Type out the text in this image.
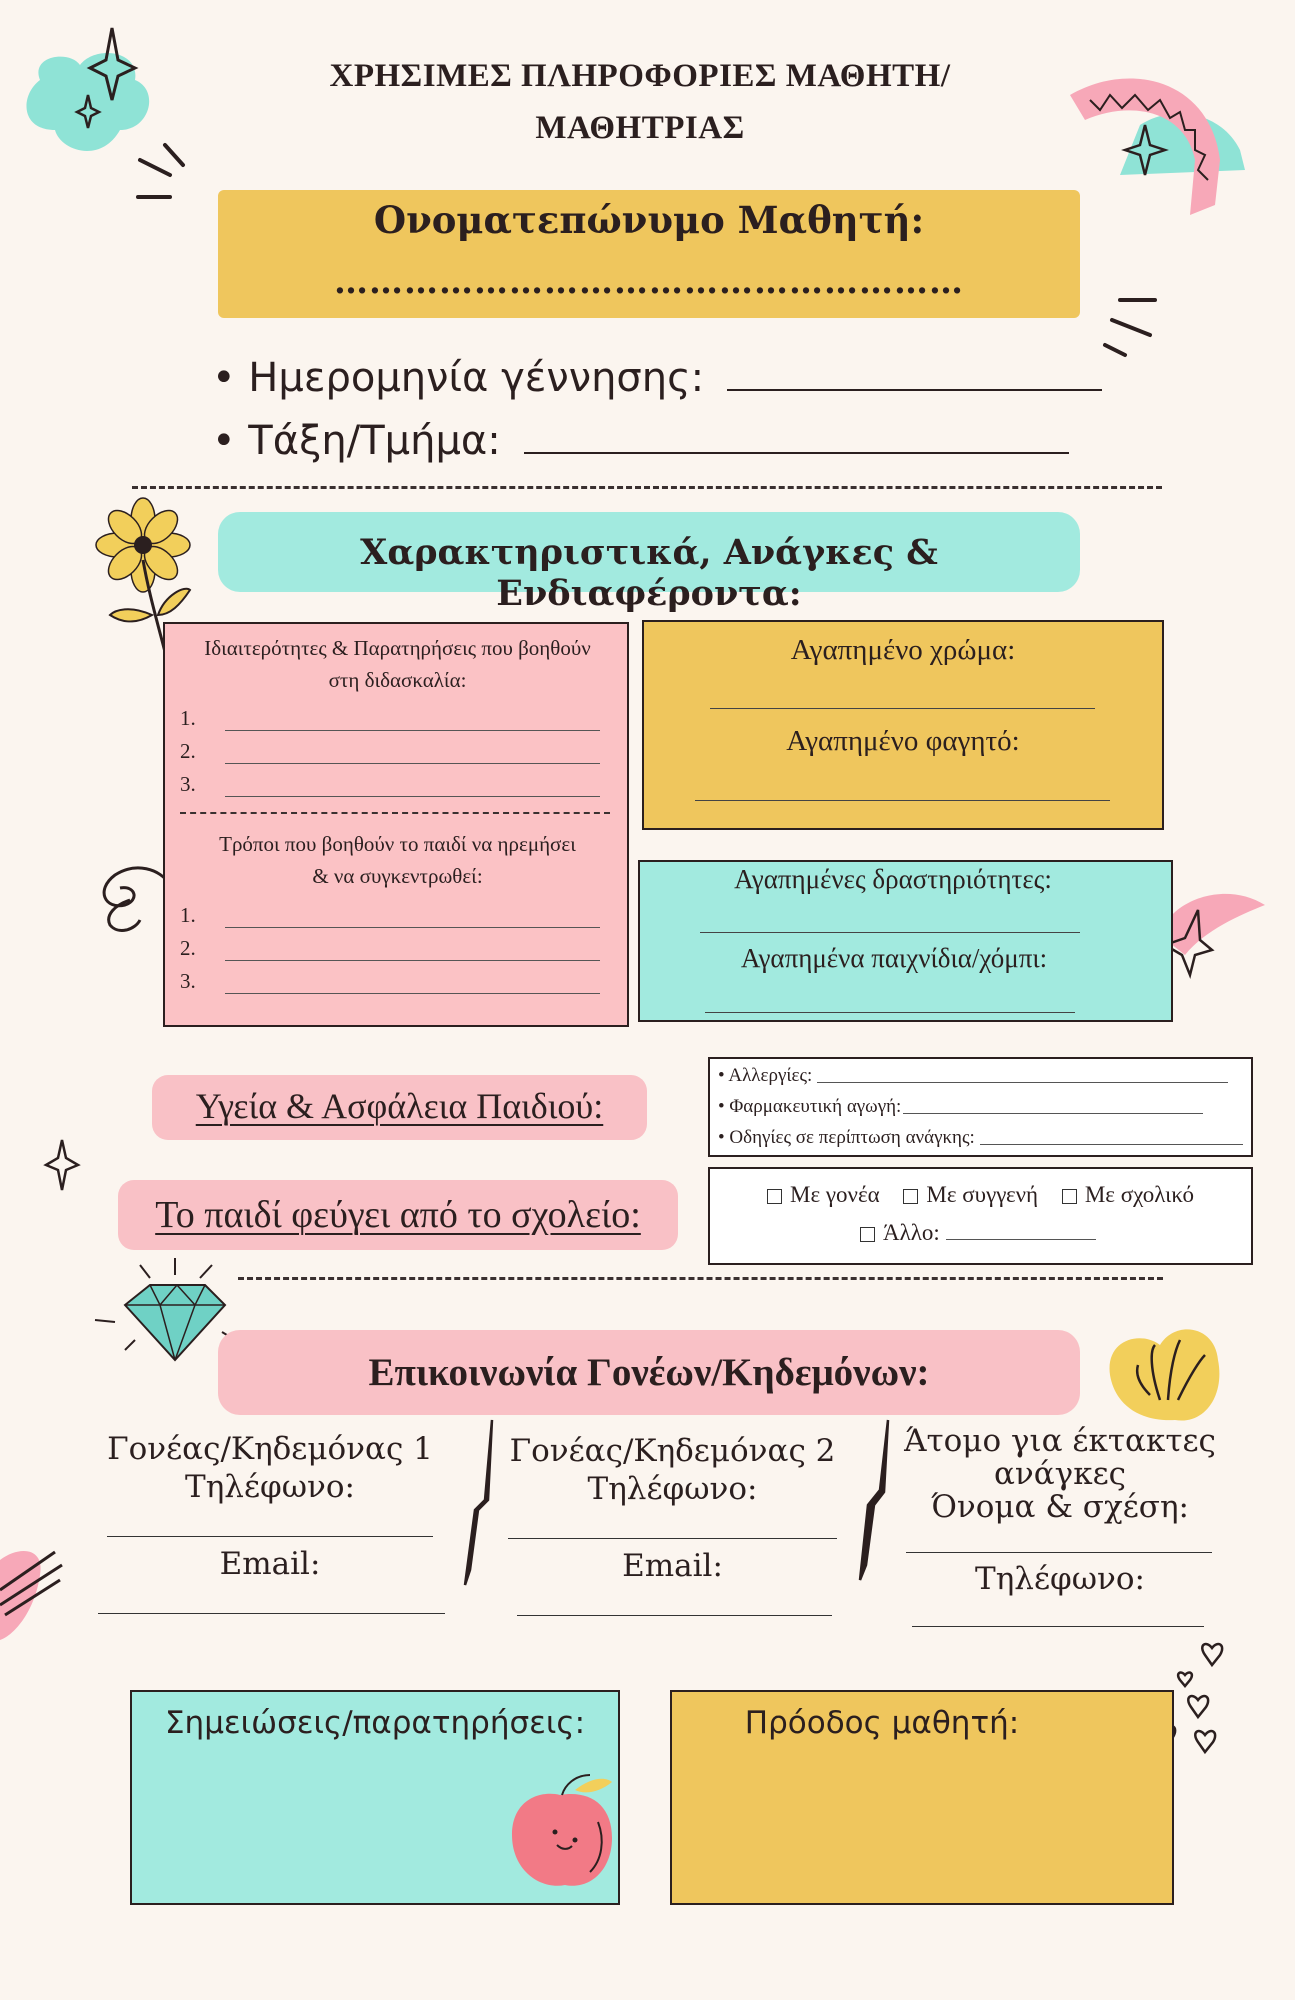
ΧΡΗΣΙΜΕΣ ΠΛΗΡΟΦΟΡΙΕΣ ΜΑΘΗΤΗ/
ΜΑΘΗΤΡΙΑΣ
Ονοματεπώνυμο Μαθητή:
………………………………………………
• Ημερομηνία γέννησης:
• Τάξη/Τμήμα:
Χαρακτηριστικά, Ανάγκες & Ενδιαφέροντα:
Ιδιαιτερότητες & Παρατηρήσεις που βοηθούν στη διδασκαλία:
1.
2.
3.
Τρόποι που βοηθούν το παιδί να ηρεμήσει & να συγκεντρωθεί:
1.
2.
3.
Αγαπημένο χρώμα:
Αγαπημένο φαγητό:
Αγαπημένες δραστηριότητες:
Αγαπημένα παιχνίδια/χόμπι:
Υγεία & Ασφάλεια Παιδιού:
• Αλλεργίες:
• Φαρμακευτική αγωγή:
• Οδηγίες σε περίπτωση ανάγκης:
Το παιδί φεύγει από το σχολείο:	Με γονέα Με συγγενή Με σχολικό
Άλλο:
Επικοινωνία Γονέων/Κηδεμόνων:
Γονέας/Κηδεμόνας 1
Τηλέφωνο:
Email:
Γονέας/Κηδεμόνας 2
Τηλέφωνο:
Email:
Άτομο για έκτακτες
ανάγκες
Όνομα & σχέση:
Τηλέφωνο:
Σημειώσεις/παρατηρήσεις:	Πρόοδος μαθητή:
